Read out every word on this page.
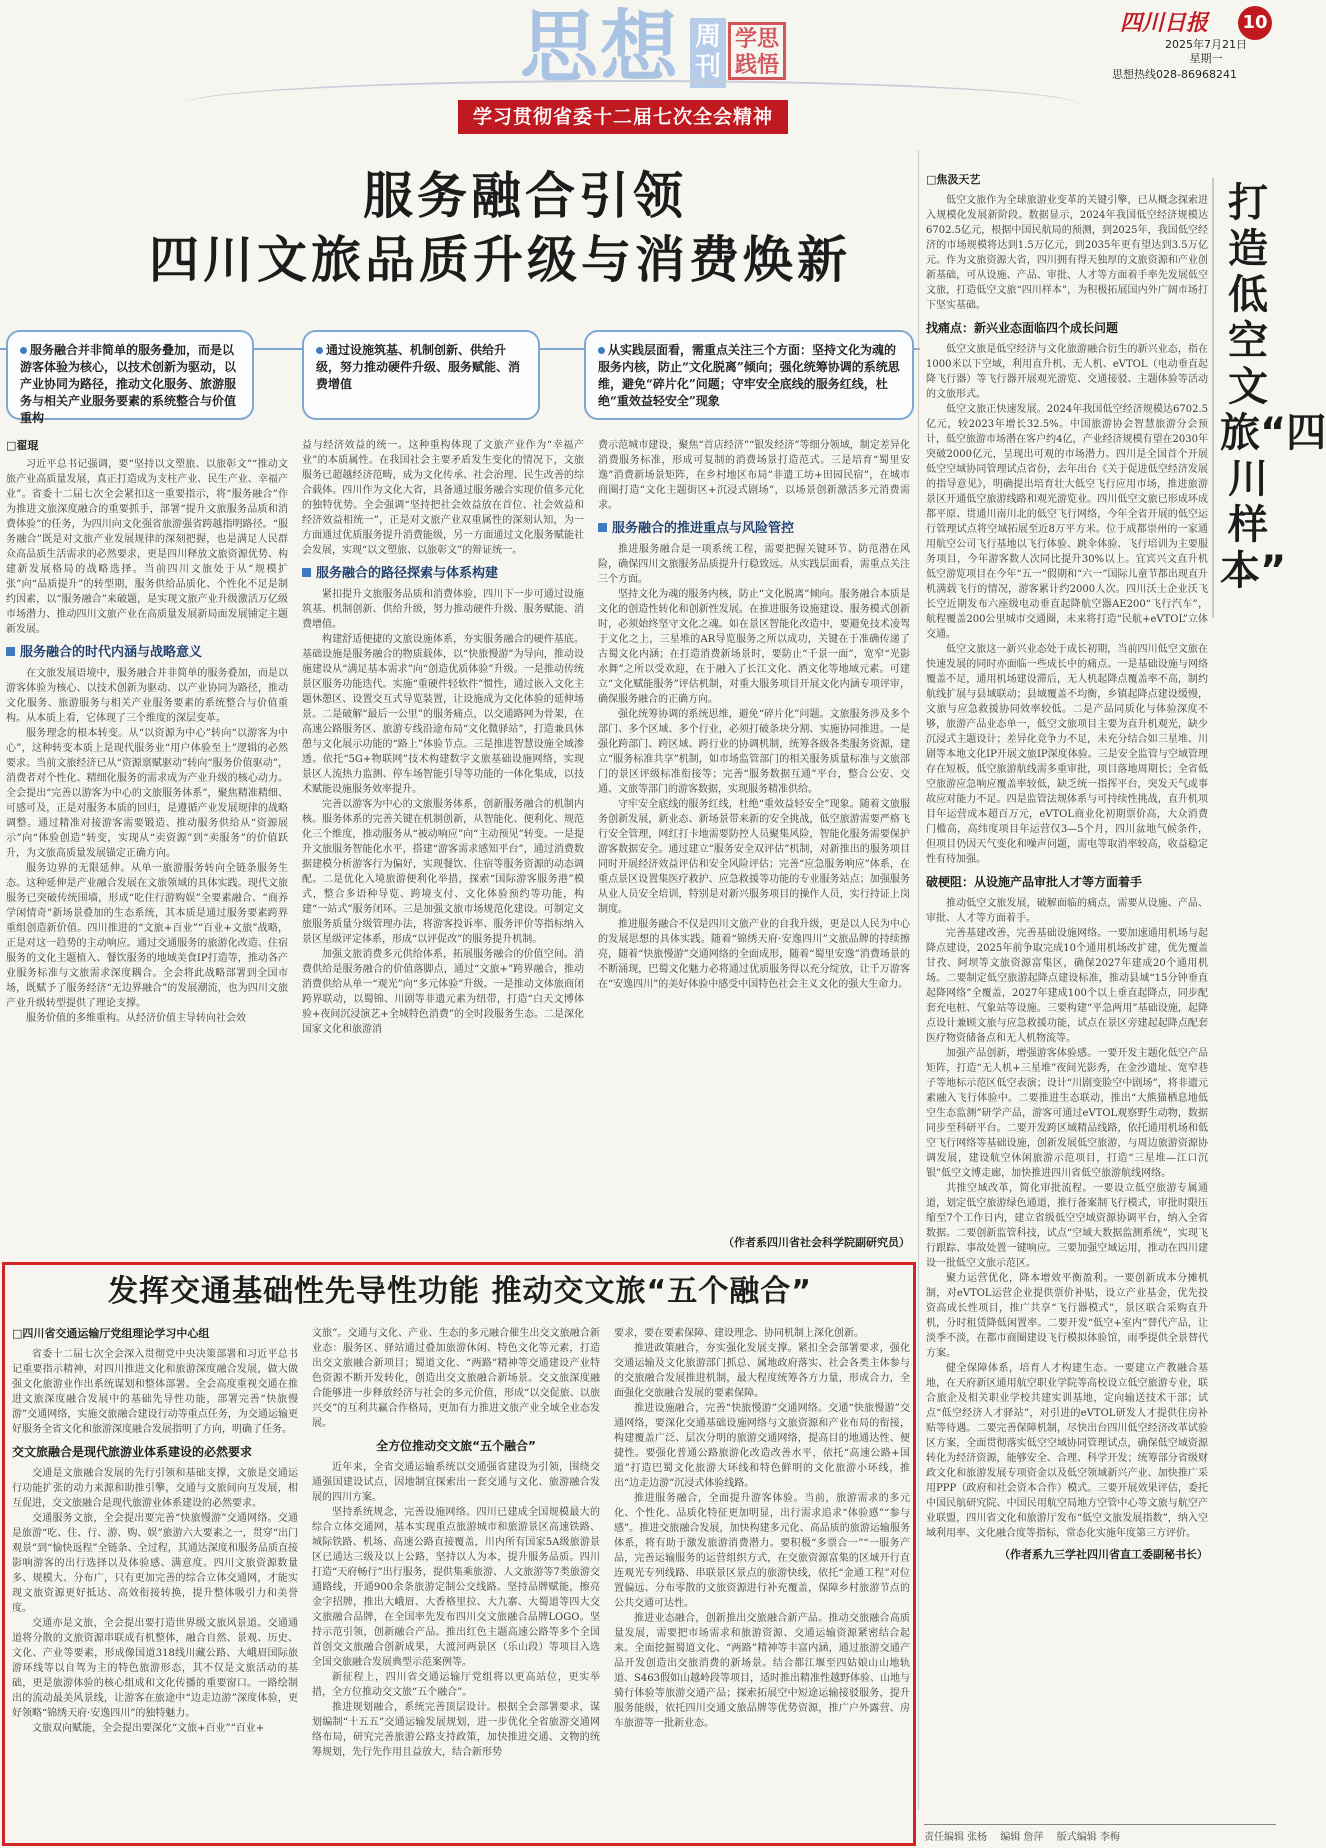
思想 周刊
学思践悟
四川日报	10
2025年7月21日
星期一
思想热线028-86968241
学习贯彻省委十二届七次全会精神
服务融合引领
四川文旅品质升级与消费焕新
服务融合并非简单的服务叠加，而是以游客体验为核心，以技术创新为驱动，以产业协同为路径，推动文化服务、旅游服务与相关产业服务要素的系统整合与价值重构
通过设施筑基、机制创新、供给升级，努力推动硬件升级、服务赋能、消费增值
从实践层面看，需重点关注三个方面：坚持文化为魂的服务内核，防止“文化脱离”倾向；强化统筹协调的系统思维，避免“碎片化”问题；守牢安全底线的服务红线，杜绝“重效益轻安全”现象
□翟琨

习近平总书记强调，要“坚持以文塑旅、以旅彰文”“推动文旅产业高质量发展，真正打造成为支柱产业、民生产业、幸福产业”。省委十二届七次全会紧扣这一重要指示，将“服务融合”作为推进文旅深度融合的重要抓手，部署“提升文旅服务品质和消费体验”的任务，为四川向文化强省旅游强省跨越指明路径。“服务融合”既是对文旅产业发展规律的深刻把握，也是满足人民群众高品质生活需求的必然要求，更是四川释放文旅资源优势、构建新发展格局的战略选择。当前四川文旅处于从“规模扩张”向“品质提升”的转型期，服务供给品质化、个性化不足是制约因素，以“服务融合”来破题，是实现文旅产业升级激活万亿级市场潜力、推动四川文旅产业在高质量发展新局面发展铺定主题新发展。

服务融合的时代内涵与战略意义

在文旅发展语境中，服务融合并非简单的服务叠加，而是以游客体验为核心、以技术创新为驱动、以产业协同为路径，推动文化服务、旅游服务与相关产业服务要素的系统整合与价值重构。从本质上看，它体现了三个维度的深层变革。

服务理念的根本转变。从“以资源为中心”转向“以游客为中心”，这种转变本质上是现代服务业“用户体验至上”逻辑的必然要求。当前文旅经济已从“资源禀赋驱动”转向“服务价值驱动”，消费者对个性化、精细化服务的需求成为产业升级的核心动力。全会提出“完善以游客为中心的文旅服务体系”，聚焦精准精细、可感可及，正是对服务本质的回归，是遵循产业发展规律的战略调整。通过精准对接游客需要锻造、推动服务供给从“资源展示”向“体验创造”转变，实现从“卖资源”到“卖服务”的价值跃升，为文旅高质量发展锚定正确方向。

服务边界的无限延伸。从单一旅游服务转向全链条服务生态。这种延伸是产业融合发展在文旅领域的具体实践。现代文旅服务已突破传统围墙，形成“吃住行游购娱”全要素融合、“商养学闲情奇”新场景叠加的生态系统，其本质是通过服务要素跨界重组创造新价值。四川推进的“文旅+百业”“百业+文旅”战略，正是对这一趋势的主动响应。通过交通服务的旅游化改造、住宿服务的文化主题植入、餐饮服务的地域美食IP打造等，推动各产业服务标准与文旅需求深度耦合。全会将此战略部署到全国市场，既赋予了服务经济“无边界融合”的发展潮流，也为四川文旅产业升级转型提供了理论支撑。

服务价值的多维重构。从经济价值主导转向社会效

益与经济效益的统一。这种重构体现了文旅产业作为“幸福产业”的本质属性。在我国社会主要矛盾发生变化的情况下，文旅服务已超越经济范畴，成为文化传承、社会治理、民生改善的综合载体。四川作为文化大省，具备通过服务融合实现价值多元化的独特优势。全会强调“坚持把社会效益放在首位、社会效益和经济效益相统一”，正是对文旅产业双重属性的深刻认知，为一方面通过优质服务提升消费能级，另一方面通过文化服务赋能社会发展，实现“以文塑旅、以旅彰文”的辩证统一。

服务融合的路径探索与体系构建

紧扣提升文旅服务品质和消费体验，四川下一步可通过设施筑基、机制创新、供给升级，努力推动硬件升级、服务赋能、消费增值。

构建舒适便捷的文旅设施体系，夯实服务融合的硬件基底。基础设施是服务融合的物质载体，以“快旅慢游”为导向，推动设施建设从“满足基本需求”向“创造优质体验”升级。一是推动传统景区服务功能迭代。实施“重硬件轻软件”惯性，通过嵌入文化主题休憩区、设置交互式导览装置，让设施成为文化体验的延伸场景。二是破解“最后一公里”的服务痛点，以交通路网为骨架，在高速公路服务区、旅游专线沿途布局“文化微驿站”，打造兼具休憩与文化展示功能的“路上”体验节点。三是推进智慧设施全域渗透。依托“5G+物联网”技术构建数字文旅基础设施网络，实现景区人流热力监测、停车场智能引导等功能的一体化集成，以技术赋能设施服务效率提升。

完善以游客为中心的文旅服务体系，创新服务融合的机制内核。服务体系的完善关键在机制创新，从智能化、便利化、规范化三个维度，推动服务从“被动响应”向“主动预见”转变。一是提升文旅服务智能化水平，搭建“游客需求感知平台”，通过消费数据建模分析游客行为偏好，实现餐饮、住宿等服务资源的动态调配。二是优化入境旅游便利化举措，探索“国际游客服务港”模式，整合多语种导览、跨境支付、文化体验预约等功能，构建“一站式”服务闭环。三是加强文旅市场规范化建设。可制定文旅服务质量分级管理办法，将游客投诉率、服务评价等指标纳入景区星级评定体系，形成“以评促改”的服务提升机制。

加强文旅消费多元供给体系，拓展服务融合的价值空间。消费供给是服务融合的价值落脚点，通过“文旅+”跨界融合，推动消费供给从单一“观光”向“多元体验”升级。一是推动文体旅商闭跨界联动，以蜀锦、川剧等非遗元素为纽带，打造“白天文博体验+夜间沉浸演艺+全城特色消费”的全时段服务生态。二是深化国家文化和旅游消

费示范城市建设，聚焦“首店经济”“银发经济”等细分领域，制定差异化消费服务标准，形成可复制的消费场景打造范式。三是培育“蜀里安逸”消费新场景矩阵，在乡村地区布局“非遗工坊+田园民宿”，在城市商圈打造“文化主题街区+沉浸式剧场”，以场景创新激活多元消费需求。

服务融合的推进重点与风险管控

推进服务融合是一项系统工程，需要把握关键环节、防范潜在风险，确保四川文旅服务品质提升行稳致远。从实践层面看，需重点关注三个方面。

坚持文化为魂的服务内核，防止“文化脱离”倾向。服务融合本质是文化的创造性转化和创新性发展。在推进服务设施建设、服务模式创新时，必须始终坚守文化之魂。如在景区智能化改造中，要避免技术凌驾于文化之上，三星堆的AR导览服务之所以成功，关键在于准确传递了古蜀文化内涵；在打造消费新场景时，要防止“千景一面”，宽窄“光影水舞”之所以受欢迎，在于融入了长江文化、酒文化等地域元素。可建立“文化赋能服务”评估机制，对重大服务项目开展文化内涵专项评审，确保服务融合的正确方向。

强化统筹协调的系统思维，避免“碎片化”问题。文旅服务涉及多个部门、多个区域、多个行业，必须打破条块分割、实施协同推进。一是强化跨部门、跨区域、跨行业的协调机制，统筹各级各类服务资源，建立“服务标准共享”机制，如市场监管部门的相关服务质量标准与文旅部门的景区评级标准衔接等；完善“服务数据互通”平台，整合公安、交通、文旅等部门的游客数据，实现服务精准供给。

守牢安全底线的服务红线，杜绝“重效益轻安全”现象。随着文旅服务创新发展，新业态、新场景带来新的安全挑战，低空旅游需要严格飞行安全管理，网红打卡地需要防控人员聚集风险，智能化服务需要保护游客数据安全。通过建立“服务安全双评估”机制，对新推出的服务项目同时开展经济效益评估和安全风险评估；完善“应急服务响应”体系，在重点景区设置集医疗救护、应急救援等功能的专业服务站点；加强服务从业人员安全培训，特别是对新兴服务项目的操作人员，实行持证上岗制度。

推进服务融合不仅是四川文旅产业的自我升级，更是以人民为中心的发展思想的具体实践。随着“锦绣天府·安逸四川”文旅品牌的持续擦亮，随着“快旅慢游”交通网络的全面成形，随着“蜀里安逸”消费场景的不断涌现，巴蜀文化魅力必将通过优质服务得以充分绽放，让千万游客在“安逸四川”的美好体验中感受中国特色社会主义文化的强大生命力。

（作者系四川省社会科学院副研究员）
发挥交通基础性先导性功能 推动交文旅“五个融合”
□四川省交通运输厅党组理论学习中心组

省委十二届七次全会深入贯彻党中央决策部署和习近平总书记重要指示精神，对四川推进文化和旅游深度融合发展，做大做强文化旅游业作出系统谋划和整体部署。全会高度重视交通在推进文旅深度融合发展中的基础先导性功能，部署完善“快旅慢游”交通网络，实施交旅融合建设行动等重点任务，为交通运输更好服务全省文化和旅游深度融合发展指明了方向，明确了任务。

交文旅融合是现代旅游业体系建设的必然要求

交通是文旅融合发展的先行引领和基础支撑，文旅是交通运行功能扩张的动力来源和助推引擎，交通与文旅间向互发展，相互促进，交文旅融合是现代旅游业体系建设的必然要求。

交通服务文旅，全会提出要完善“快旅慢游”交通网络。交通是旅游“吃、住、行、游、购、娱”旅游六大要素之一，贯穿“出门观景”到“愉快返程”全链条、全过程，其通达深度和服务品质直接影响游客的出行选择以及体验感、满意度。四川文旅资源数量多、规模大、分布广，只有更加完善的综合立体交通网，才能实现文旅资源更好抵达、高效衔接转换，提升整体吸引力和美誉度。

交通亦是文旅，全会提出要打造世界级文旅风景道。交通通道将分散的文旅资源串联成有机整体，融合自然、景观、历史、文化、产业等要素，形成像国道318线川藏公路、大峨眉国际旅游环线等以自驾为主的特色旅游形态，其不仅是文旅活动的基础，更是旅游体验的核心组成和文化传播的重要窗口。一路绘制出的流动最美风景线，让游客在旅途中“边走边游”深度体验，更好领略“锦绣天府·安逸四川”的独特魅力。

文旅双向赋能，全会提出要深化“文旅+百业”“百业+

文旅”。交通与文化、产业、生态的多元融合催生出交文旅融合新业态：服务区、驿站通过叠加旅游休闲、特色文化等元素，打造出交文旅融合新项目；蜀道文化、“两路”精神等交通建设产业特色资源不断开发转化，创造出交文旅融合新场景。交文旅深度融合能够进一步释放经济与社会的多元价值，形成“以交促旅、以旅兴交”的互利共赢合作格局，更加有力推进文旅产业全域全业态发展。

全方位推动交文旅“五个融合”

近年来，全省交通运输系统以交通强省建设为引领，围绕交通强国建设试点，因地制宜探索出一套交通与文化、旅游融合发展的四川方案。

坚持系统规念，完善设施网络。四川已建成全国规模最大的综合立体交通网，基本实现重点旅游城市和旅游景区高速铁路、城际铁路、机场、高速公路直接覆盖，川内所有国家5A级旅游景区已通达三级及以上公路，坚持以人为本，提升服务品质。四川打造“天府畅行”出行服务，提供集乘旅游、人文旅游等7类旅游交通路线，开通900余条旅游定制公交线路。坚持品牌赋能，擦亮金字招牌，推出大峨眉、大香格里拉、大九寨、大蜀道等四大交文旅融合品牌，在全国率先发布四川交文旅融合品牌LOGO。坚持示范引领，创新融合产品。推出红色主题高速公路等多个全国首创交文旅融合创新成果，大渡河两景区（乐山段）等项目入选全国交旅融合发展典型示范案例等。

新征程上，四川省交通运输厅党组将以更高站位，更实举措，全方位推动交文旅“五个融合”。

推进规划融合，系统完善顶层设计。根据全会部署要求，谋划编制“十五五”交通运输发展规划，进一步优化全省旅游交通网络布局，研究完善旅游公路支持政策，加快推进交通、文物的统筹规划，先行先作用且益放大，结合新形势

要求，要在要素保障、建设理念、协同机制上深化创新。

推进政策融合，夯实强化发展支撑。紧扣全会部署要求，强化交通运输及文化旅游部门抓总、属地政府落实、社会各类主体参与的交旅融合发展推进机制，最大程度统筹各方力量，形成合力，全面强化交旅融合发展的要素保障。

推进设施融合，完善“快旅慢游”交通网络。交通“快旅慢游”交通网络，要深化交通基础设施网络与文旅资源和产业布局的衔接，构建覆盖广泛、层次分明的旅游交通网络，提高目的地通达性、便捷性。要强化普通公路旅游化改造改善水平，依托“高速公路+国道”打造巴蜀文化旅游大环线和特色鲜明的文化旅游小环线，推出“边走边游”沉浸式体验线路。

推进服务融合，全面提升游客体验。当前，旅游需求的多元化、个性化、品质化特征更加明显，出行需求追求“体验感”“参与感”。推进交旅融合发展，加快构建多元化、高品质的旅游运输服务体系，将有助于激发旅游消费潜力。要积极“多票合一”“一服务产品，完善运输服务的运营组织方式，在交旅资源富集的区域开行直连观光专列线路、串联景区景点的旅游快线，依托“金通工程”对位置偏远、分布零散的文旅资源进行补充覆盖，保障乡村旅游节点的公共交通可达性。

推进业态融合，创新推出交旅融合新产品。推动交旅融合高质量发展，需要把市场需求和旅游资源、交通运输资源紧密结合起来。全面挖掘蜀道文化、“两路”精神等丰富内涵，通过旅游交通产品开发创造出交旅消费的新场景。结合都江堰至四姑娘山山地轨道、S463假如山越岭段等项目，适时推出精准性越野体验、山地与骑行体验等旅游交通产品；探索拓展空中短途运输接驳服务，提升服务能级，依托四川交通文旅品牌等优势资源，推广户外露营、房车旅游等一批新业态。

打造低空文旅“四川样本”
□焦汲天艺

低空文旅作为全球旅游业变革的关键引擎，已从概念探索进入规模化发展新阶段。数据显示，2024年我国低空经济规模达6702.5亿元，根据中国民航局的预测，到2025年，我国低空经济的市场规模将达到1.5万亿元，到2035年更有望达到3.5万亿元。作为文旅资源大省，四川拥有得天独厚的文旅资源和产业创新基础，可从设施、产品、审批、人才等方面着手率先发展低空文旅，打造低空文旅“四川样本”，为积极拓展国内外广阔市场打下坚实基础。

找痛点：新兴业态面临四个成长问题

低空文旅是低空经济与文化旅游融合衍生的新兴业态，指在1000米以下空域，利用直升机、无人机、eVTOL（电动垂直起降飞行器）等飞行器开展观光游览、交通接驳、主题体验等活动的文旅形式。

低空文旅正快速发展。2024年我国低空经济规模达6702.5亿元，较2023年增长32.5%。中国旅游协会智慧旅游分会预计，低空旅游市场潜在客户约4亿，产业经济规模有望在2030年突破2000亿元，呈现出可观的市场潜力。四川是全国首个开展低空空域协同管理试点省份，去年出台《关于促进低空经济发展的指导意见》，明确提出培育壮大低空飞行应用市场，推进旅游景区开通低空旅游线路和观光游览业。四川低空文旅已形成环成都平原、贯通川南川北的低空飞行网络，今年全省开展的低空运行管理试点将空域拓展至近8万平方米。位于成都崇州的一家通用航空公司飞行基地以飞行体验、跳伞体验、飞行培训为主要服务项目，今年游客数人次同比提升30%以上。宜宾兴文直升机低空游览项目在今年“五一”假期和“六一”国际儿童节都出现直升机满载飞行的情况，游客累计约2000人次。四川沃土企业沃飞长空近期发布六座级电动垂直起降航空器AE200“飞行汽车”，航程覆盖200公里城市交通圈，未来将打造“民航+eVTOL”立体交通。

低空文旅这一新兴业态处于成长初期，当前四川低空文旅在快速发展的同时亦面临一些成长中的痛点。一是基础设施与网络覆盖不足，通用机场建设滞后，无人机起降点覆盖率不高，制约航线扩展与县域联动；县域覆盖不均衡，乡镇起降点建设缓慢，文旅与应急救援协同效率较低。二是产品同质化与体验深度不够，旅游产品业态单一，低空文旅项目主要为直升机观光，缺少沉浸式主题设计；差异化竞争力不足，未充分结合如三星堆、川剧等本地文化IP开展文旅IP深度体验。三是安全监管与空域管理存在短板，低空旅游航线需多重审批，项目落地周期长；全省低空旅游应急响应覆盖率较低，缺乏统一指挥平台，突发天气或事故应对能力不足。四是监管法规体系与可持续性挑战，直升机项目年运营成本超百万元，eVTOL商业化初期票价高，大众消费门槛高，高纬度项目年运营仅3—5个月，四川盆地气候条件，但项目仍因天气变化和噪声问题，需电等取消率较高，收益稳定性有待加强。

破梗阻：从设施产品审批人才等方面着手

推动低空文旅发展，破解面临的痛点，需要从设施、产品、审批、人才等方面着手。

完善基建改善，完善基础设施网络。一要加速通用机场与起降点建设，2025年前争取完成10个通用机场改扩建，优先覆盖甘孜、阿坝等文旅资源富集区，确保2027年建成20个通用机场。二要制定低空旅游起降点建设标准，推动县域“15分钟垂直起降网络”全覆盖，2027年建成100个以上垂直起降点，同步配套充电桩、气象站等设施。三要构建“平急两用”基础设施，起降点设计兼顾文旅与应急救援功能，试点在景区旁建起起降点配套医疗物资储备点和无人机物流等。

加强产品创新，增强游客体验感。一要开发主题化低空产品矩阵，打造“无人机+三星堆”夜间光影秀，在金沙遗址、宽窄巷子等地标示范区低空表演；设计“川剧变脸空中剧场”，将非遗元素融入飞行体验中。二要推进生态联动，推出“大熊猫栖息地低空生态监测”研学产品，游客可通过eVTOL观察野生动物，数据同步至科研平台。二要开发跨区域精品线路，依托通用机场和低空飞行网络等基础设施，创新发展低空旅游，与周边旅游资源协调发展，建设航空休闲旅游示范项目，打造“三星堆—江口沉银”低空文博走廊，加快推进四川省低空旅游航线网络。

共推空域改革，简化审批流程。一要设立低空旅游专属通道，划定低空旅游绿色通道，推行备案制飞行模式，审批时限压缩至7个工作日内，建立省级低空空域资源协调平台，纳入全省数据。二要创新监管科技，试点“空域大数据监测系统”，实现飞行跟踪、事故处置一键响应。三要加强空域运用，推动在四川建设一批低空文旅示范区。

聚力运营优化，降本增效平衡盈利。一要创新成本分摊机制，对eVTOL运营企业提供票价补贴，设立产业基金，优先投资高成长性项目，推广共享“飞行器模式”，景区联合采购直升机，分时租赁降低闲置率。二要开发“低空+室内”替代产品，让淡季不淡，在都市商圈建设飞行模拟体验馆，雨季提供全景替代方案。

健全保障体系，培育人才构建生态。一要建立产教融合基地，在天府新区通用航空职业学院等高校设立低空旅游专业，联合旅企及相关职业学校共建实训基地，定向输送技术干部；试点“低空经济人才驿站”，对引进的eVTOL研发人才提供住房补贴等待遇。二要完善保障机制，尽快出台四川低空经济改革试验区方案，全面贯彻落实低空空域协同管理试点，确保低空域资源转化为经济资源，能够安全、合理、科学开发；统筹部分省级财政文化和旅游发展专项资金以及低空领域新兴产业、加快推广采用PPP（政府和社会资本合作）模式。三要开展效果评估，委托中国民航研究院、中国民用航空局地方空管中心等文旅与航空产业联盟，四川省文化和旅游厅发布“低空文旅发展指数”，纳入空域利用率、文化融合度等指标，常态化实施年度第三方评价。

（作者系九三学社四川省直工委副秘书长）
责任编辑 张杨 编辑 詹萍 版式编辑 李梅
